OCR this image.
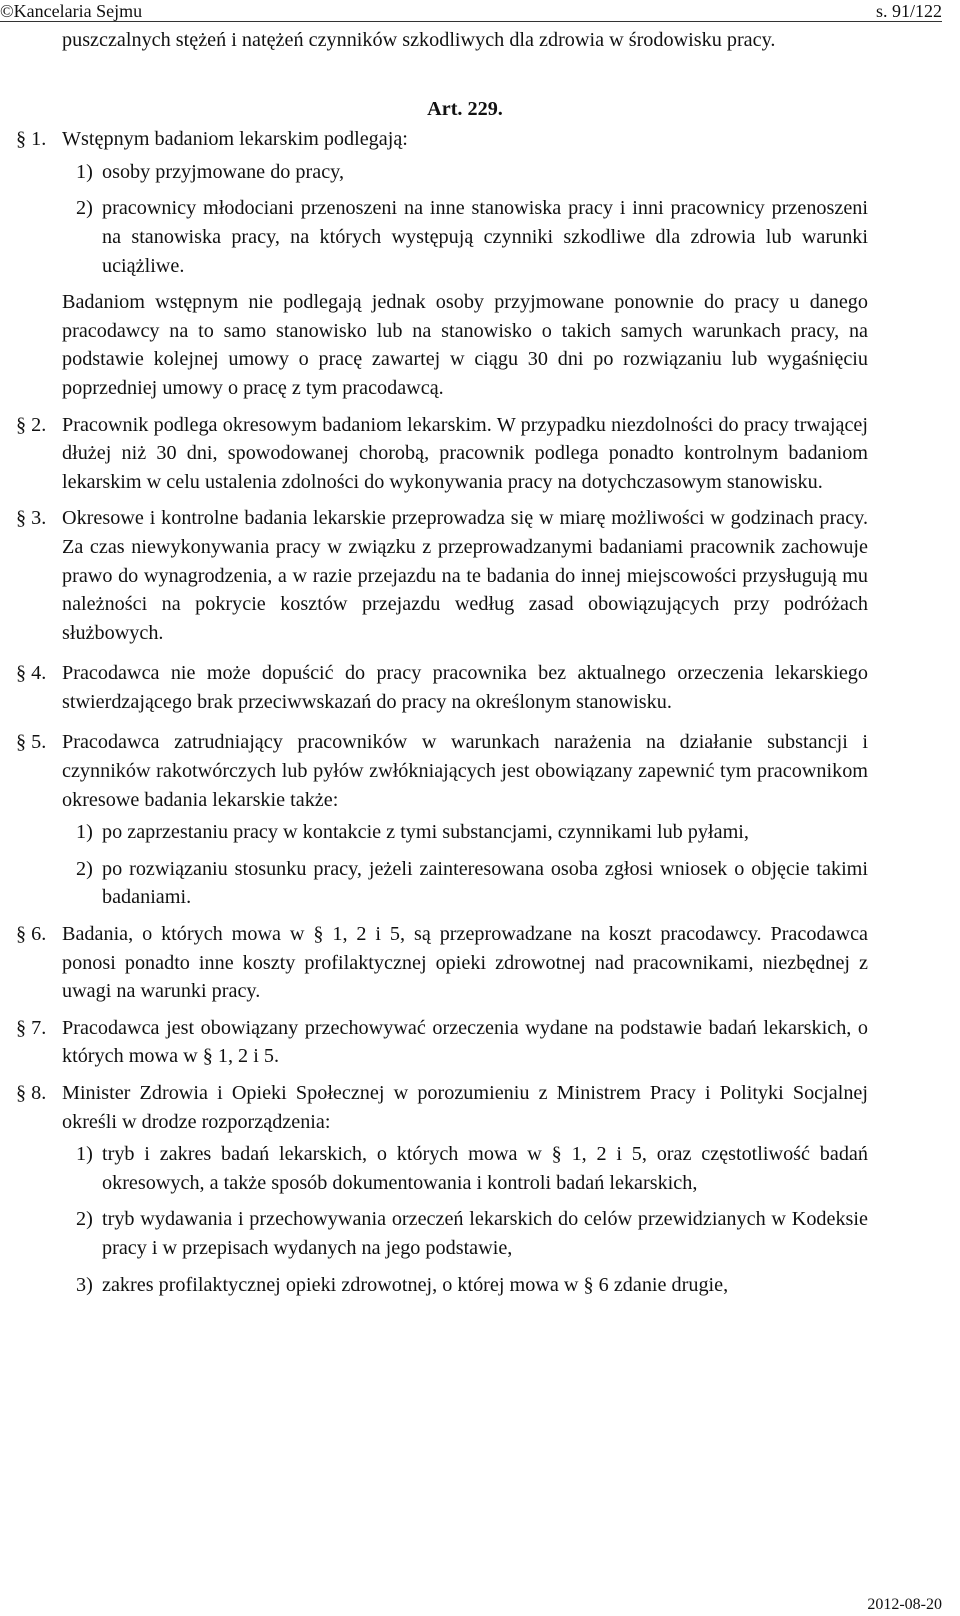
©Kancelaria Sejmu	s. 91/122

puszczalnych stężeń i natężeń czynników szkodliwych dla zdrowia w środowisku pracy.

Art. 229.

§ 1. Wstępnym badaniom lekarskim podlegają:

1) osoby przyjmowane do pracy,

2) pracownicy młodociani przenoszeni na inne stanowiska pracy i inni pracownicy przenoszeni na stanowiska pracy, na których występują czynniki szkodliwe dla zdrowia lub warunki uciążliwe.

Badaniom wstępnym nie podlegają jednak osoby przyjmowane ponownie do pracy u danego pracodawcy na to samo stanowisko lub na stanowisko o takich samych warunkach pracy, na podstawie kolejnej umowy o pracę zawartej w ciągu 30 dni po rozwiązaniu lub wygaśnięciu poprzedniej umowy o pracę z tym pracodawcą.

§ 2. Pracownik podlega okresowym badaniom lekarskim. W przypadku niezdolności do pracy trwającej dłużej niż 30 dni, spowodowanej chorobą, pracownik podlega ponadto kontrolnym badaniom lekarskim w celu ustalenia zdolności do wykonywania pracy na dotychczasowym stanowisku.

§ 3. Okresowe i kontrolne badania lekarskie przeprowadza się w miarę możliwości w godzinach pracy. Za czas niewykonywania pracy w związku z przeprowadzanymi badaniami pracownik zachowuje prawo do wynagrodzenia, a w razie przejazdu na te badania do innej miejscowości przysługują mu należności na pokrycie kosztów przejazdu według zasad obowiązujących przy podróżach służbowych.

§ 4. Pracodawca nie może dopuścić do pracy pracownika bez aktualnego orzeczenia lekarskiego stwierdzającego brak przeciwwskazań do pracy na określonym stanowisku.

§ 5. Pracodawca zatrudniający pracowników w warunkach narażenia na działanie substancji i czynników rakotwórczych lub pyłów zwłókniających jest obowiązany zapewnić tym pracownikom okresowe badania lekarskie także:

1) po zaprzestaniu pracy w kontakcie z tymi substancjami, czynnikami lub pyłami,

2) po rozwiązaniu stosunku pracy, jeżeli zainteresowana osoba zgłosi wniosek o objęcie takimi badaniami.

§ 6. Badania, o których mowa w § 1, 2 i 5, są przeprowadzane na koszt pracodawcy. Pracodawca ponosi ponadto inne koszty profilaktycznej opieki zdrowotnej nad pracownikami, niezbędnej z uwagi na warunki pracy.

§ 7. Pracodawca jest obowiązany przechowywać orzeczenia wydane na podstawie badań lekarskich, o których mowa w § 1, 2 i 5.

§ 8. Minister Zdrowia i Opieki Społecznej w porozumieniu z Ministrem Pracy i Polityki Socjalnej określi w drodze rozporządzenia:

1) tryb i zakres badań lekarskich, o których mowa w § 1, 2 i 5, oraz częstotliwość badań okresowych, a także sposób dokumentowania i kontroli badań lekarskich,

2) tryb wydawania i przechowywania orzeczeń lekarskich do celów przewidzianych w Kodeksie pracy i w przepisach wydanych na jego podstawie,

3) zakres profilaktycznej opieki zdrowotnej, o której mowa w § 6 zdanie drugie,

2012-08-20
